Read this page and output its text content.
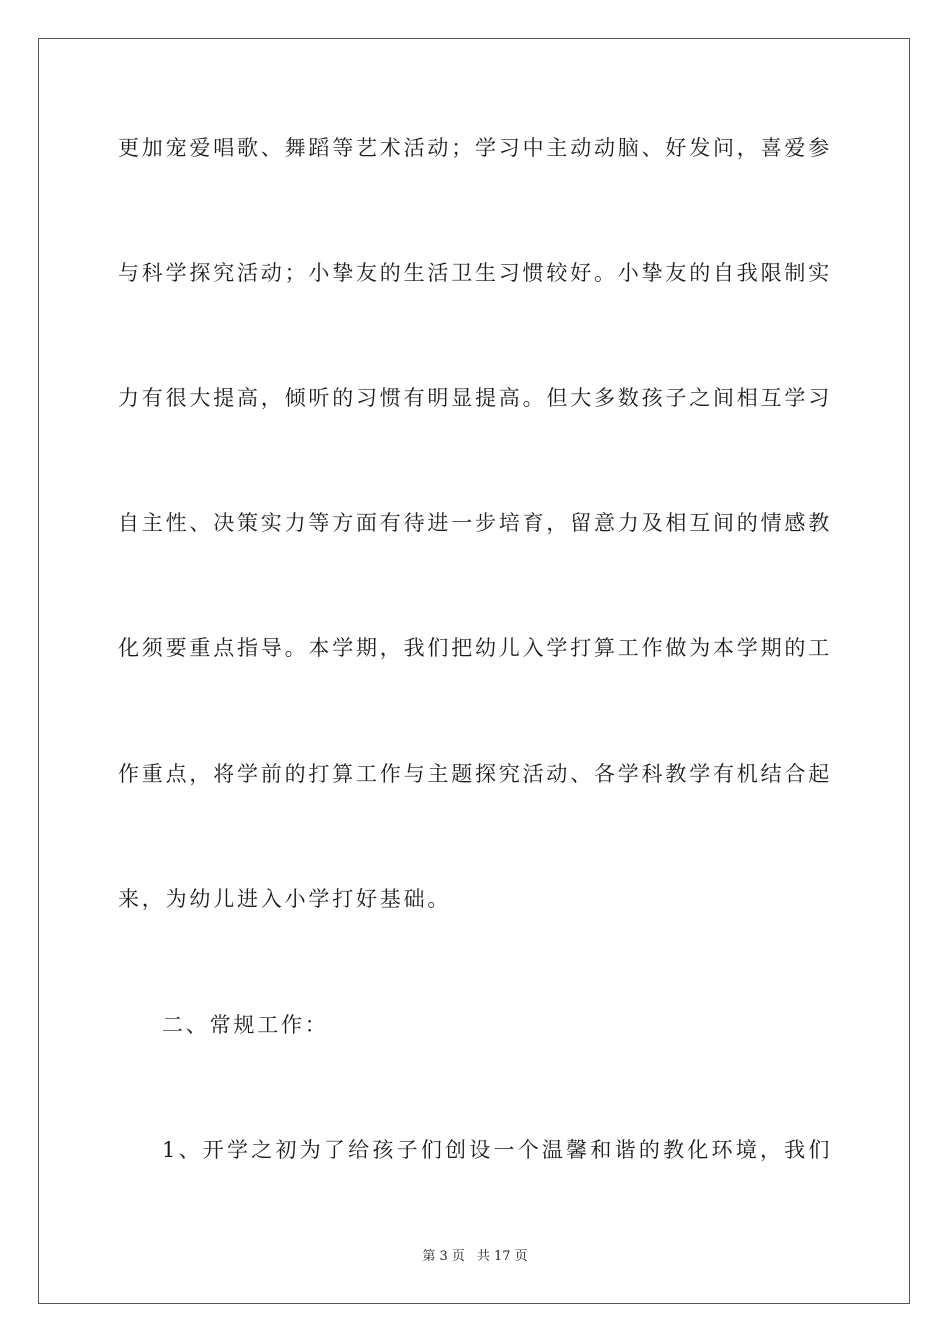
更加宠爱唱歌、舞蹈等艺术活动；学习中主动动脑、好发问，喜爱参
与科学探究活动；小挚友的生活卫生习惯较好。小挚友的自我限制实
力有很大提高，倾听的习惯有明显提高。但大多数孩子之间相互学习
自主性、决策实力等方面有待进一步培育，留意力及相互间的情感教
化须要重点指导。本学期，我们把幼儿入学打算工作做为本学期的工
作重点，将学前的打算工作与主题探究活动、各学科教学有机结合起
来，为幼儿进入小学打好基础。
二、常规工作：
1、开学之初为了给孩子们创设一个温馨和谐的教化环境，我们
第 3 页 共 17 页
